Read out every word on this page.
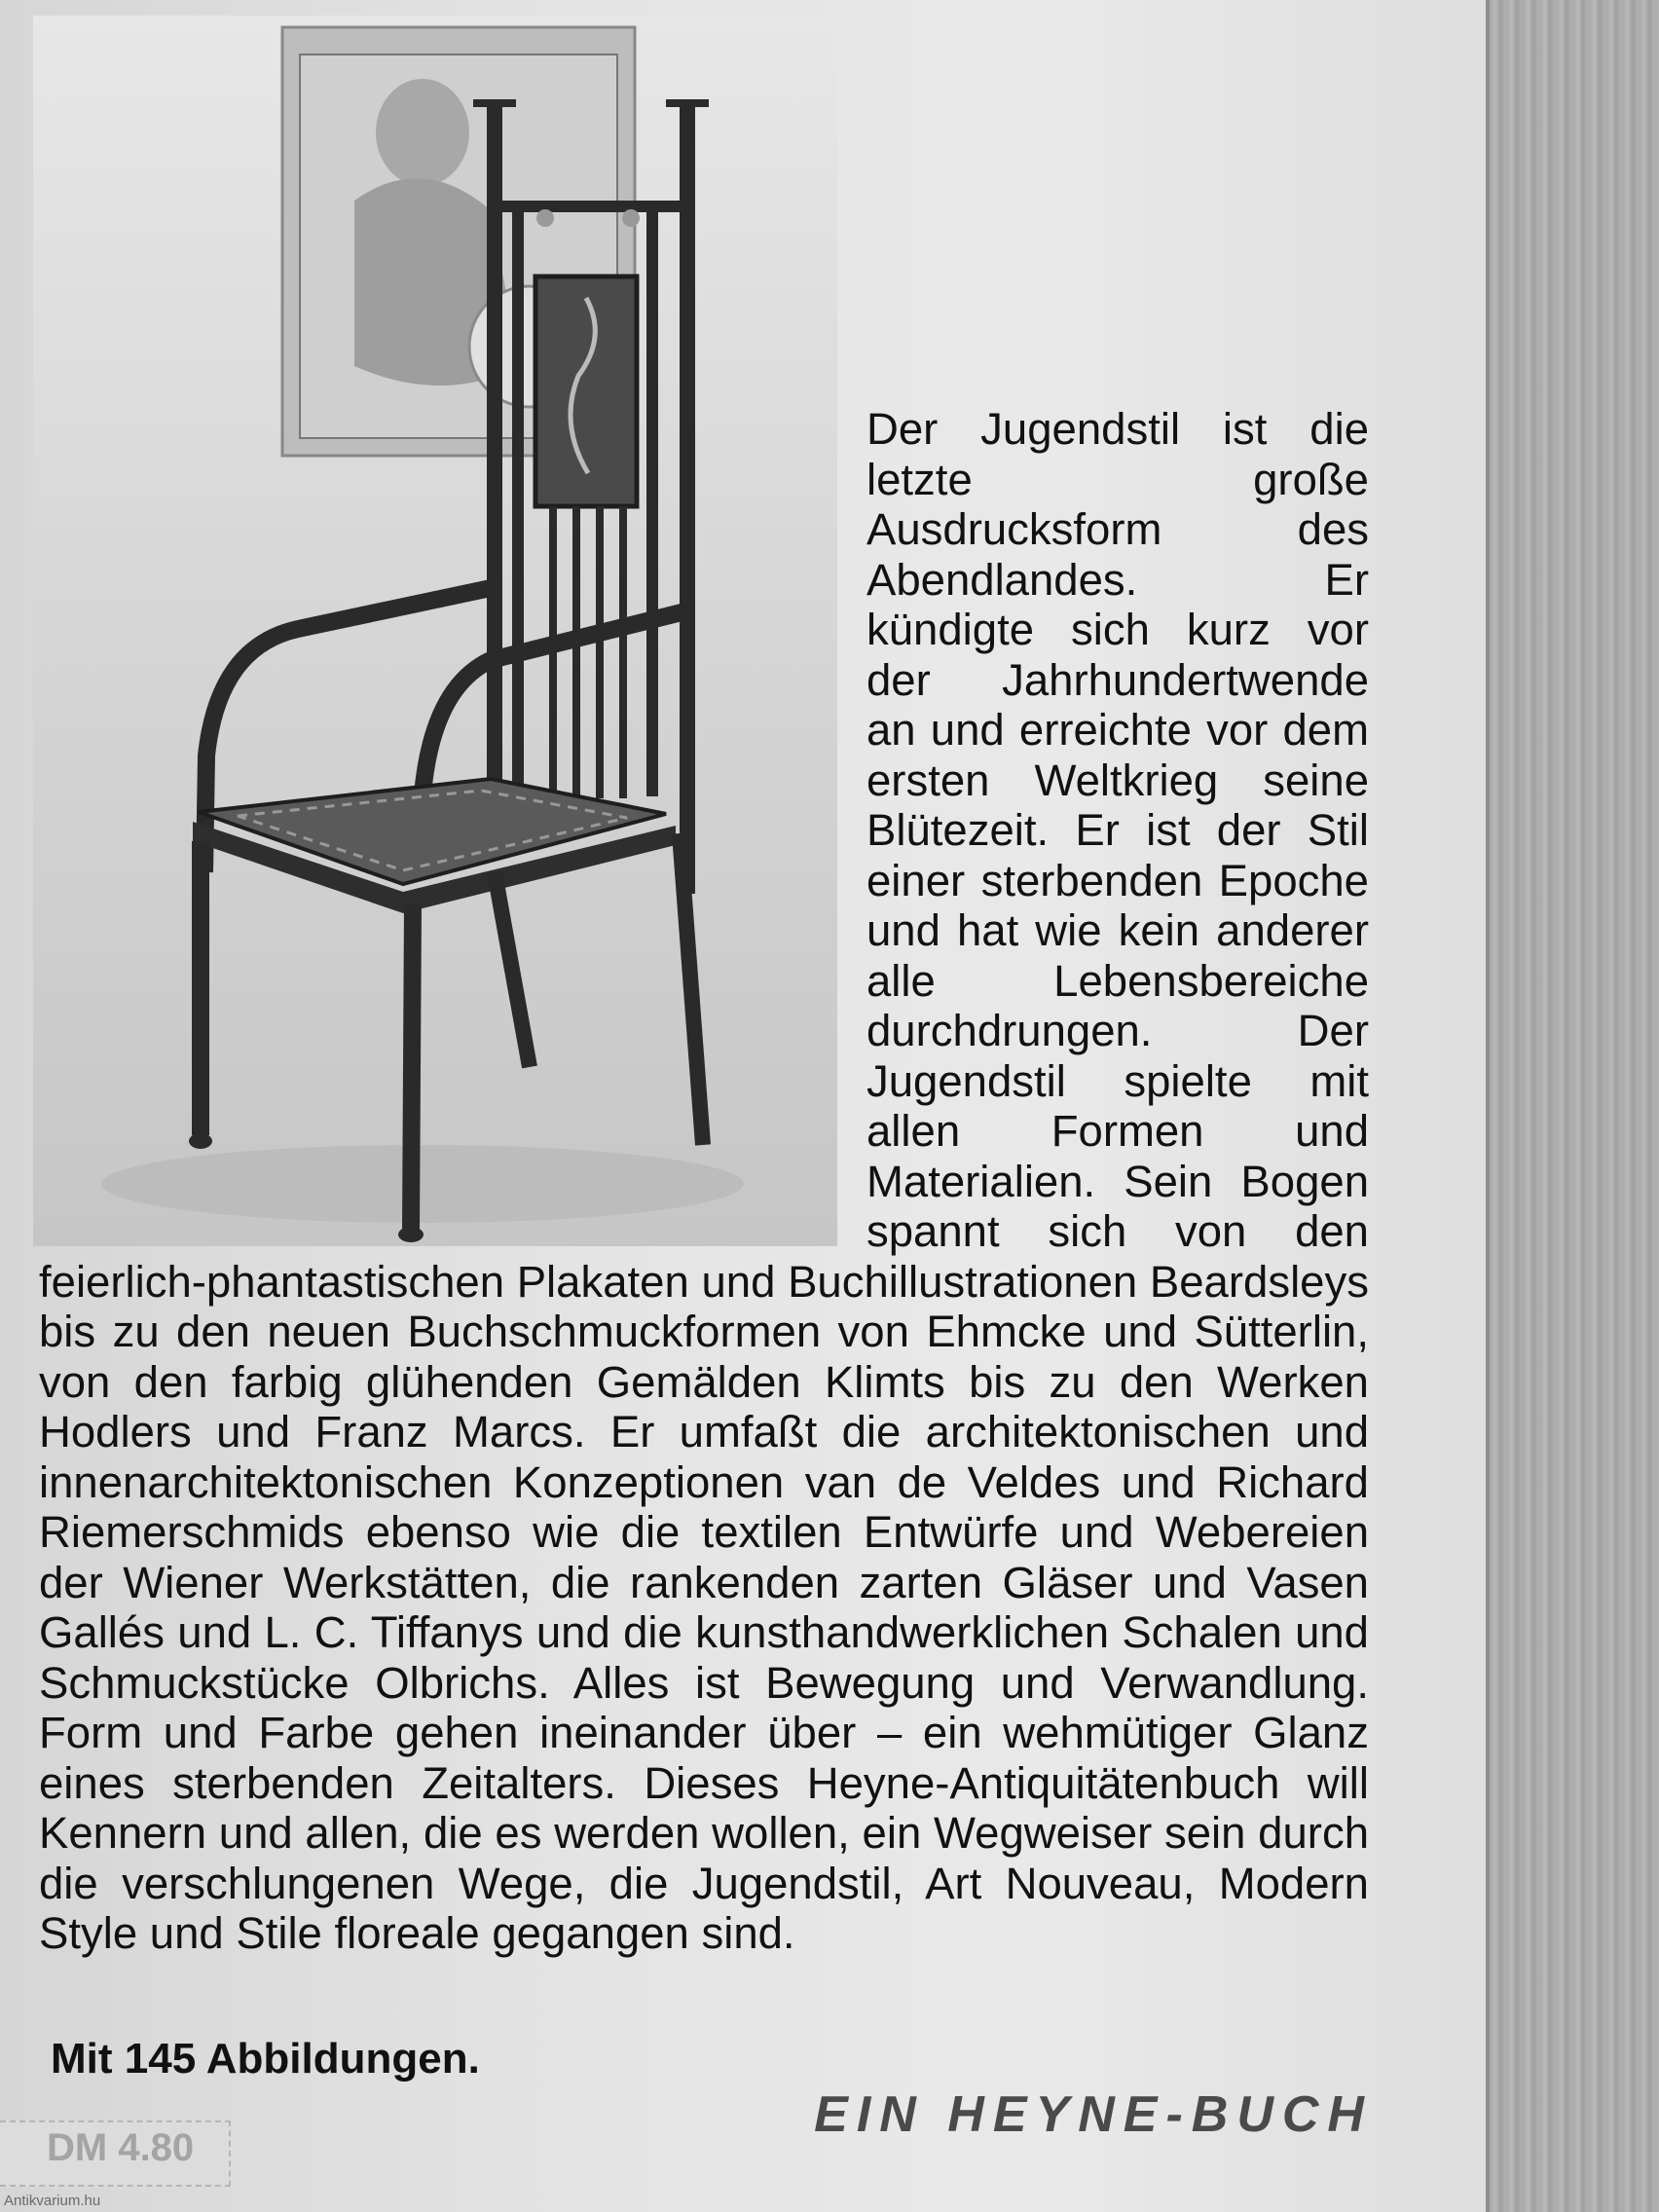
Der Jugendstil ist die letzte große Ausdrucksform des Abendlandes. Er kündigte sich kurz vor der Jahrhundertwende an und erreichte vor dem ersten Weltkrieg seine Blütezeit. Er ist der Stil einer sterbenden Epoche und hat wie kein anderer alle Lebensbereiche durchdrungen. Der Jugendstil spielte mit allen Formen und Materialien. Sein Bogen spannt sich von den feierlich-phantastischen Plakaten und Buchillustrationen Beardsleys bis zu den neuen Buchschmuckformen von Ehmcke und Sütterlin, von den farbig glühenden Gemälden Klimts bis zu den Werken Hodlers und Franz Marcs. Er umfaßt die architektonischen und innenarchitektonischen Konzeptionen van de Veldes und Richard Riemerschmids ebenso wie die textilen Entwürfe und Webereien der Wiener Werkstätten, die rankenden zarten Gläser und Vasen Gallés und L. C. Tiffanys und die kunsthandwerklichen Schalen und Schmuckstücke Olbrichs. Alles ist Bewegung und Verwandlung. Form und Farbe gehen ineinander über – ein wehmütiger Glanz eines sterbenden Zeitalters. Dieses Heyne-Antiquitätenbuch will Kennern und allen, die es werden wollen, ein Wegweiser sein durch die verschlungenen Wege, die Jugendstil, Art Nouveau, Modern Style und Stile floreale gegangen sind.

Mit 145 Abbildungen.

EIN HEYNE-BUCH

DM 4.80

Antikvarium.hu
